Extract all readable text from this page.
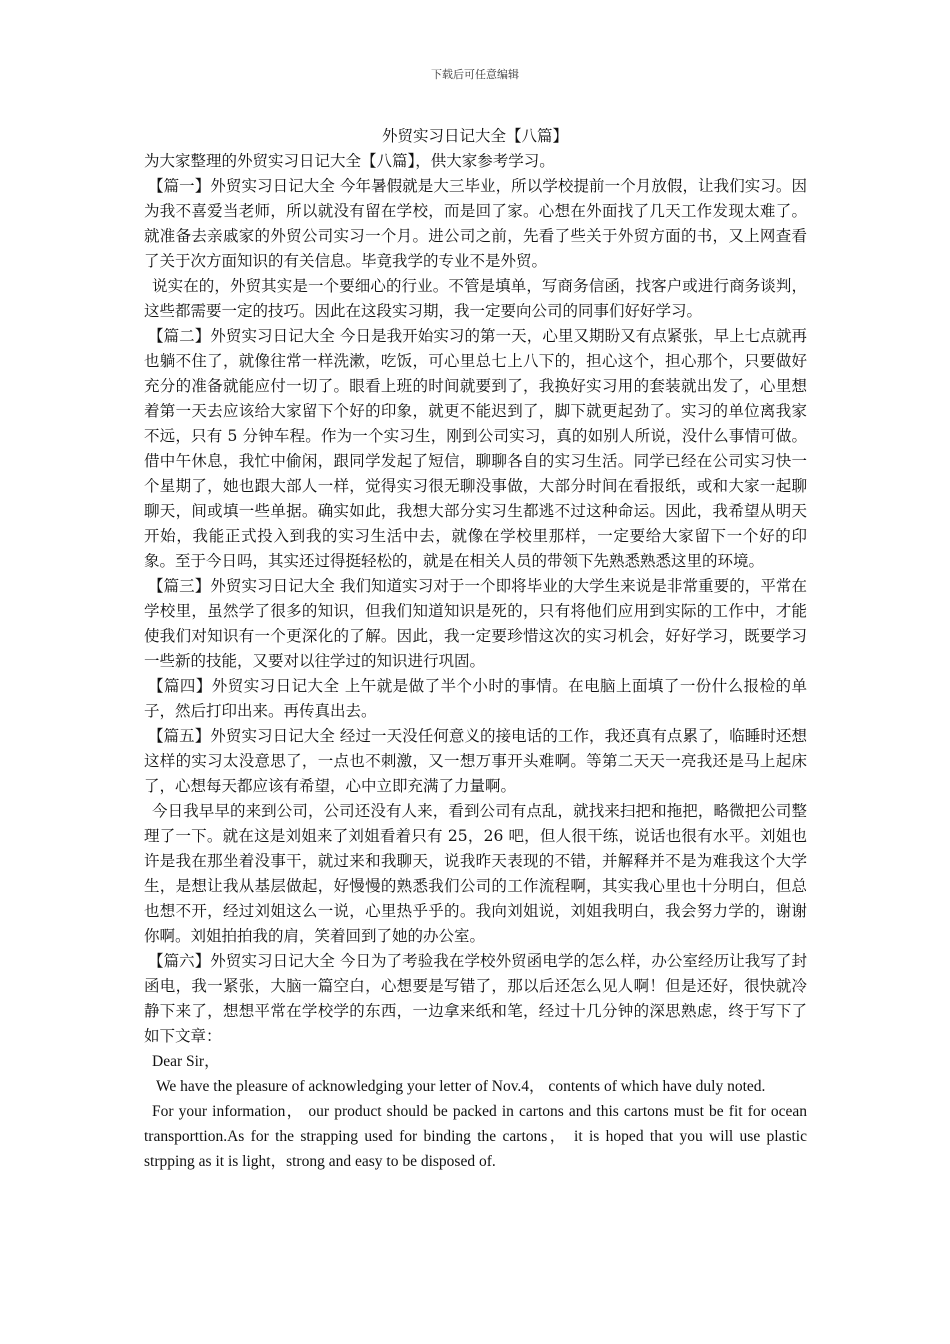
下载后可任意编辑
外贸实习日记大全【八篇】

为大家整理的外贸实习日记大全【八篇】，供大家参考学习。

【篇一】外贸实习日记大全 今年暑假就是大三毕业，所以学校提前一个月放假，让我们实习。因为我不喜爱当老师，所以就没有留在学校，而是回了家。心想在外面找了几天工作发现太难了。就准备去亲戚家的外贸公司实习一个月。进公司之前，先看了些关于外贸方面的书，又上网查看了关于次方面知识的有关信息。毕竟我学的专业不是外贸。

说实在的，外贸其实是一个要细心的行业。不管是填单，写商务信函，找客户或进行商务谈判，这些都需要一定的技巧。因此在这段实习期，我一定要向公司的同事们好好学习。

【篇二】外贸实习日记大全 今日是我开始实习的第一天，心里又期盼又有点紧张，早上七点就再也躺不住了，就像往常一样洗漱，吃饭，可心里总七上八下的，担心这个，担心那个，只要做好充分的准备就能应付一切了。眼看上班的时间就要到了，我换好实习用的套装就出发了，心里想着第一天去应该给大家留下个好的印象，就更不能迟到了，脚下就更起劲了。实习的单位离我家不远，只有 5 分钟车程。作为一个实习生，刚到公司实习，真的如别人所说，没什么事情可做。借中午休息，我忙中偷闲，跟同学发起了短信，聊聊各自的实习生活。同学已经在公司实习快一个星期了，她也跟大部人一样，觉得实习很无聊没事做，大部分时间在看报纸，或和大家一起聊聊天，间或填一些单据。确实如此，我想大部分实习生都逃不过这种命运。因此，我希望从明天开始，我能正式投入到我的实习生活中去，就像在学校里那样，一定要给大家留下一个好的印象。至于今日吗，其实还过得挺轻松的，就是在相关人员的带领下先熟悉熟悉这里的环境。

【篇三】外贸实习日记大全 我们知道实习对于一个即将毕业的大学生来说是非常重要的，平常在学校里，虽然学了很多的知识，但我们知道知识是死的，只有将他们应用到实际的工作中，才能使我们对知识有一个更深化的了解。因此，我一定要珍惜这次的实习机会，好好学习，既要学习一些新的技能，又要对以往学过的知识进行巩固。

【篇四】外贸实习日记大全 上午就是做了半个小时的事情。在电脑上面填了一份什么报检的单子，然后打印出来。再传真出去。

【篇五】外贸实习日记大全 经过一天没任何意义的接电话的工作，我还真有点累了，临睡时还想这样的实习太没意思了，一点也不刺激，又一想万事开头难啊。等第二天天一亮我还是马上起床了，心想每天都应该有希望，心中立即充满了力量啊。

今日我早早的来到公司，公司还没有人来，看到公司有点乱，就找来扫把和拖把，略微把公司整理了一下。就在这是刘姐来了刘姐看着只有 25，26 吧，但人很干练，说话也很有水平。刘姐也许是我在那坐着没事干，就过来和我聊天，说我昨天表现的不错，并解释并不是为难我这个大学生，是想让我从基层做起，好慢慢的熟悉我们公司的工作流程啊，其实我心里也十分明白，但总也想不开，经过刘姐这么一说，心里热乎乎的。我向刘姐说，刘姐我明白，我会努力学的，谢谢你啊。刘姐拍拍我的肩，笑着回到了她的办公室。

【篇六】外贸实习日记大全 今日为了考验我在学校外贸函电学的怎么样，办公室经历让我写了封函电，我一紧张，大脑一篇空白，心想要是写错了，那以后还怎么见人啊！但是还好，很快就冷静下来了，想想平常在学校学的东西，一边拿来纸和笔，经过十几分钟的深思熟虑，终于写下了如下文章：

Dear Sir，

We have the pleasure of acknowledging your letter of Nov.4， contents of which have duly noted.

For your information， our product should be packed in cartons and this cartons must be fit for ocean transporttion.As for the strapping used for binding the cartons， it is hoped that you will use plastic strpping as it is light，strong and easy to be disposed of.
